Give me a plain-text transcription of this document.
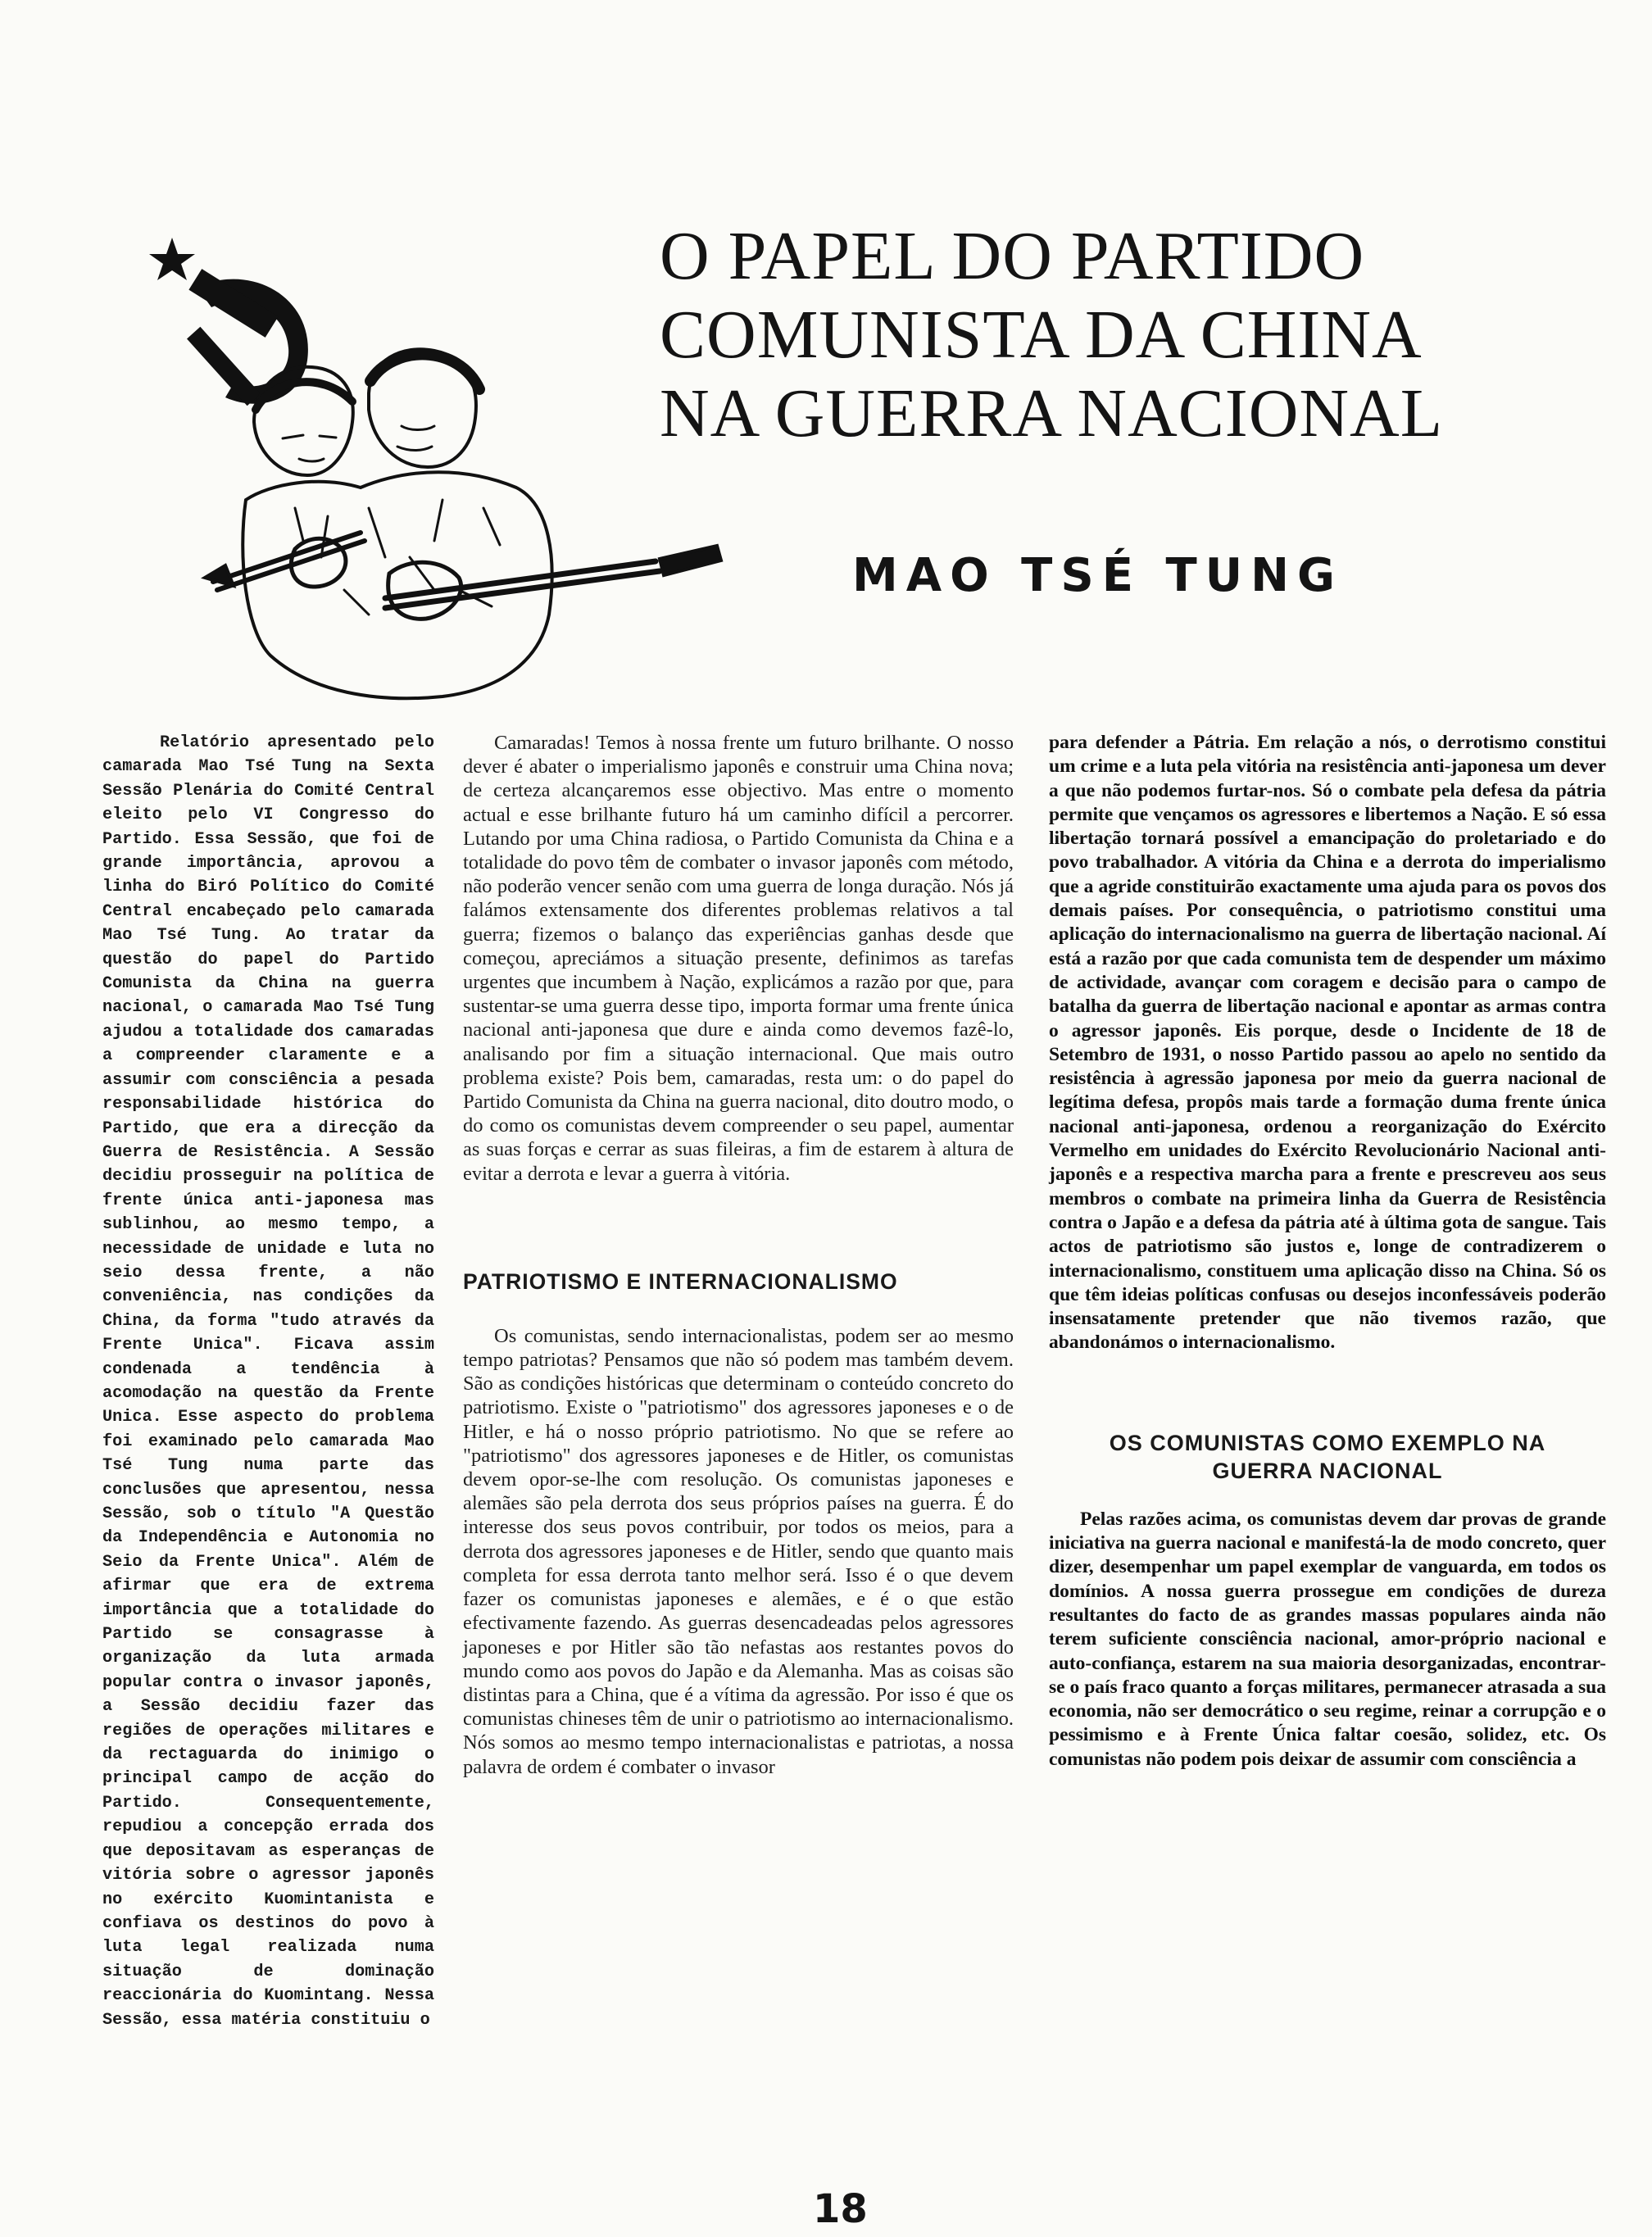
O PAPEL DO PARTIDO
COMUNISTA DA CHINA
NA GUERRA NACIONAL
MAO TSÉ TUNG

Relatório apresentado pelo camarada Mao Tsé Tung na Sexta Sessão Plenária do Comité Central eleito pelo VI Congresso do Partido. Essa Sessão, que foi de grande importância, aprovou a linha do Biró Político do Comité Central encabeçado pelo camarada Mao Tsé Tung. Ao tratar da questão do papel do Partido Comunista da China na guerra nacional, o camarada Mao Tsé Tung ajudou a totalidade dos camaradas a compreender claramente e a assumir com consciência a pesada responsabilidade histórica do Partido, que era a direcção da Guerra de Resistência. A Sessão decidiu prosseguir na política de frente única anti-japonesa mas sublinhou, ao mesmo tempo, a necessidade de unidade e luta no seio dessa frente, a não conveniência, nas condições da China, da forma "tudo através da Frente Unica". Ficava assim condenada a tendência à acomodação na questão da Frente Unica. Esse aspecto do problema foi examinado pelo camarada Mao Tsé Tung numa parte das conclusões que apresentou, nessa Sessão, sob o título "A Questão da Independência e Autonomia no Seio da Frente Unica". Além de afirmar que era de extrema importância que a totalidade do Partido se consagrasse à organização da luta armada popular contra o invasor japonês, a Sessão decidiu fazer das regiões de operações militares e da rectaguarda do inimigo o principal campo de acção do Partido. Consequentemente, repudiou a concepção errada dos que depositavam as esperanças de vitória sobre o agressor japonês no exército Kuomintanista e confiava os destinos do povo à luta legal realizada numa situação de dominação reaccionária do Kuomintang. Nessa Sessão, essa matéria constituiu o

Camaradas! Temos à nossa frente um futuro brilhante. O nosso dever é abater o imperialismo japonês e construir uma China nova; de certeza alcançaremos esse objectivo. Mas entre o momento actual e esse brilhante futuro há um caminho difícil a percorrer. Lutando por uma China radiosa, o Partido Comunista da China e a totalidade do povo têm de combater o invasor japonês com método, não poderão vencer senão com uma guerra de longa duração. Nós já falámos extensamente dos diferentes problemas relativos a tal guerra; fizemos o balanço das experiências ganhas desde que começou, apreciámos a situação presente, definimos as tarefas urgentes que incumbem à Nação, explicámos a razão por que, para sustentar-se uma guerra desse tipo, importa formar uma frente única nacional anti-japonesa que dure e ainda como devemos fazê-lo, analisando por fim a situação internacional. Que mais outro problema existe? Pois bem, camaradas, resta um: o do papel do Partido Comunista da China na guerra nacional, dito doutro modo, o do como os comunistas devem compreender o seu papel, aumentar as suas forças e cerrar as suas fileiras, a fim de estarem à altura de evitar a derrota e levar a guerra à vitória.

PATRIOTISMO E INTERNACIONALISMO

Os comunistas, sendo internacionalistas, podem ser ao mesmo tempo patriotas? Pensamos que não só podem mas também devem. São as condições históricas que determinam o conteúdo concreto do patriotismo. Existe o "patriotismo" dos agressores japoneses e o de Hitler, e há o nosso próprio patriotismo. No que se refere ao "patriotismo" dos agressores japoneses e de Hitler, os comunistas devem opor-se-lhe com resolução. Os comunistas japoneses e alemães são pela derrota dos seus próprios países na guerra. É do interesse dos seus povos contribuir, por todos os meios, para a derrota dos agressores japoneses e de Hitler, sendo que quanto mais completa for essa derrota tanto melhor será. Isso é o que devem fazer os comunistas japoneses e alemães, e é o que estão efectivamente fazendo. As guerras desencadeadas pelos agressores japoneses e por Hitler são tão nefastas aos restantes povos do mundo como aos povos do Japão e da Alemanha. Mas as coisas são distintas para a China, que é a vítima da agressão. Por isso é que os comunistas chineses têm de unir o patriotismo ao internacionalismo. Nós somos ao mesmo tempo internacionalistas e patriotas, a nossa palavra de ordem é combater o invasor

para defender a Pátria. Em relação a nós, o derrotismo constitui um crime e a luta pela vitória na resistência anti-japonesa um dever a que não podemos furtar-nos. Só o combate pela defesa da pátria permite que vençamos os agressores e libertemos a Nação. E só essa libertação tornará possível a emancipação do proletariado e do povo trabalhador. A vitória da China e a derrota do imperialismo que a agride constituirão exactamente uma ajuda para os povos dos demais países. Por consequência, o patriotismo constitui uma aplicação do internacionalismo na guerra de libertação nacional. Aí está a razão por que cada comunista tem de despender um máximo de actividade, avançar com coragem e decisão para o campo de batalha da guerra de libertação nacional e apontar as armas contra o agressor japonês. Eis porque, desde o Incidente de 18 de Setembro de 1931, o nosso Partido passou ao apelo no sentido da resistência à agressão japonesa por meio da guerra nacional de legítima defesa, propôs mais tarde a formação duma frente única nacional anti-japonesa, ordenou a reorganização do Exército Vermelho em unidades do Exército Revolucionário Nacional anti-japonês e a respectiva marcha para a frente e prescreveu aos seus membros o combate na primeira linha da Guerra de Resistência contra o Japão e a defesa da pátria até à última gota de sangue. Tais actos de patriotismo são justos e, longe de contradizerem o internacionalismo, constituem uma aplicação disso na China. Só os que têm ideias políticas confusas ou desejos inconfessáveis poderão insensatamente pretender que não tivemos razão, que abandonámos o internacionalismo.

OS COMUNISTAS COMO EXEMPLO NA
GUERRA NACIONAL

Pelas razões acima, os comunistas devem dar provas de grande iniciativa na guerra nacional e manifestá-la de modo concreto, quer dizer, desempenhar um papel exemplar de vanguarda, em todos os domínios. A nossa guerra prossegue em condições de dureza resultantes do facto de as grandes massas populares ainda não terem suficiente consciência nacional, amor-próprio nacional e auto-confiança, estarem na sua maioria desorganizadas, encontrar-se o país fraco quanto a forças militares, permanecer atrasada a sua economia, não ser democrático o seu regime, reinar a corrupção e o pessimismo e à Frente Única faltar coesão, solidez, etc. Os comunistas não podem pois deixar de assumir com consciência a

18
